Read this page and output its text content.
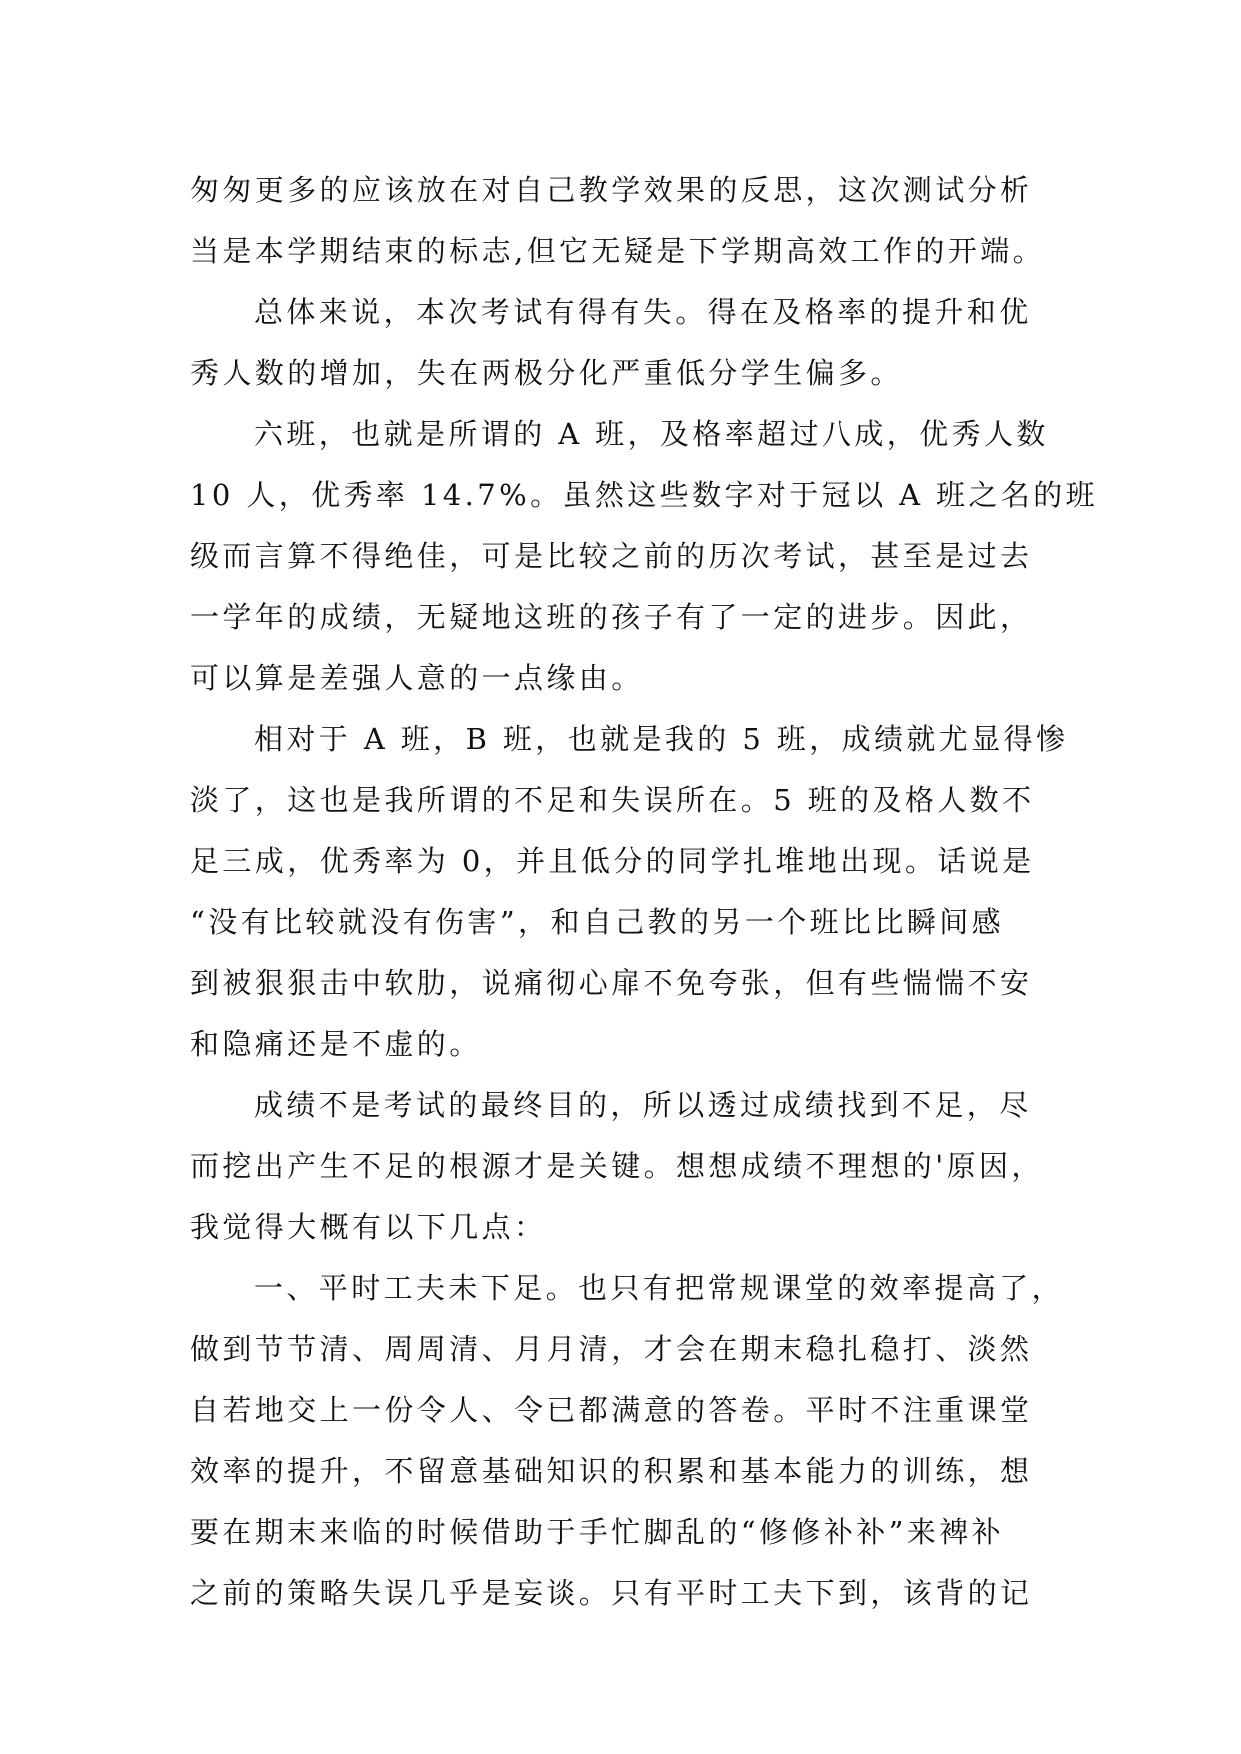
匆匆更多的应该放在对自己教学效果的反思，这次测试分析
当是本学期结束的标志,但它无疑是下学期高效工作的开端。
总体来说，本次考试有得有失。得在及格率的提升和优
秀人数的增加，失在两极分化严重低分学生偏多。
六班，也就是所谓的 A 班，及格率超过八成，优秀人数
10 人，优秀率 14.7%。虽然这些数字对于冠以 A 班之名的班
级而言算不得绝佳，可是比较之前的历次考试，甚至是过去
一学年的成绩，无疑地这班的孩子有了一定的进步。因此，
可以算是差强人意的一点缘由。
相对于 A 班，B 班，也就是我的 5 班，成绩就尤显得惨
淡了，这也是我所谓的不足和失误所在。5 班的及格人数不
足三成，优秀率为 0，并且低分的同学扎堆地出现。话说是
“没有比较就没有伤害”，和自己教的另一个班比比瞬间感
到被狠狠击中软肋，说痛彻心扉不免夸张，但有些惴惴不安
和隐痛还是不虚的。
成绩不是考试的最终目的，所以透过成绩找到不足，尽
而挖出产生不足的根源才是关键。想想成绩不理想的'原因，
我觉得大概有以下几点：
一、平时工夫未下足。也只有把常规课堂的效率提高了，
做到节节清、周周清、月月清，才会在期末稳扎稳打、淡然
自若地交上一份令人、令已都满意的答卷。平时不注重课堂
效率的提升，不留意基础知识的积累和基本能力的训练，想
要在期末来临的时候借助于手忙脚乱的“修修补补”来裨补
之前的策略失误几乎是妄谈。只有平时工夫下到，该背的记
